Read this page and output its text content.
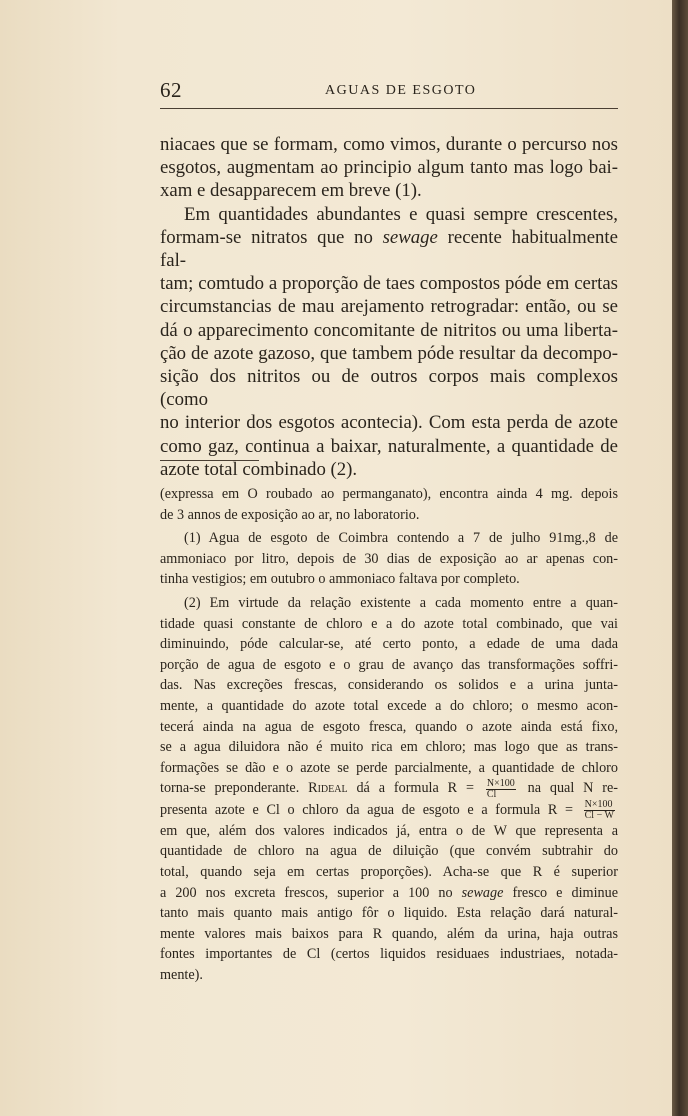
62	AGUAS DE ESGOTO

niacaes que se formam, como vimos, durante o percurso nos

esgotos, augmentam ao principio algum tanto mas logo bai-

xam e desapparecem em breve (1).

Em quantidades abundantes e quasi sempre crescentes,

formam-se nitratos que no sewage recente habitualmente fal-

tam; comtudo a proporção de taes compostos póde em certas

circumstancias de mau arejamento retrogradar: então, ou se

dá o apparecimento concomitante de nitritos ou uma liberta-

ção de azote gazoso, que tambem póde resultar da decompo-

sição dos nitritos ou de outros corpos mais complexos (como

no interior dos esgotos acontecia). Com esta perda de azote

como gaz, continua a baixar, naturalmente, a quantidade de

azote total combinado (2).

(expressa em O roubado ao permanganato), encontra ainda 4 mg. depois

de 3 annos de exposição ao ar, no laboratorio.

(1) Agua de esgoto de Coimbra contendo a 7 de julho 91mg.,8 de

ammoniaco por litro, depois de 30 dias de exposição ao ar apenas con-

tinha vestigios; em outubro o ammoniaco faltava por completo.

(2) Em virtude da relação existente a cada momento entre a quan-

tidade quasi constante de chloro e a do azote total combinado, que vai

diminuindo, póde calcular-se, até certo ponto, a edade de uma dada

porção de agua de esgoto e o grau de avanço das transformações soffri-

das. Nas excreções frescas, considerando os solidos e a urina junta-

mente, a quantidade do azote total excede a do chloro; o mesmo acon-

tecerá ainda na agua de esgoto fresca, quando o azote ainda está fixo,

se a agua diluidora não é muito rica em chloro; mas logo que as trans-

formações se dão e o azote se perde parcialmente, a quantidade de chloro

torna-se preponderante. Rideal dá a formula $R = \frac{N\times 100}{Cl}$ na qual N re-

presenta azote e Cl o chloro da agua de esgoto e a formula $R = \frac{N\times 100}{Cl - W}$

em que, além dos valores indicados já, entra o de W que representa a

quantidade de chloro na agua de diluição (que convém subtrahir do

total, quando seja em certas proporções). Acha-se que R é superior

a 200 nos excreta frescos, superior a 100 no sewage fresco e diminue

tanto mais quanto mais antigo fôr o liquido. Esta relação dará natural-

mente valores mais baixos para R quando, além da urina, haja outras

fontes importantes de Cl (certos liquidos residuaes industriaes, notada-

mente).
